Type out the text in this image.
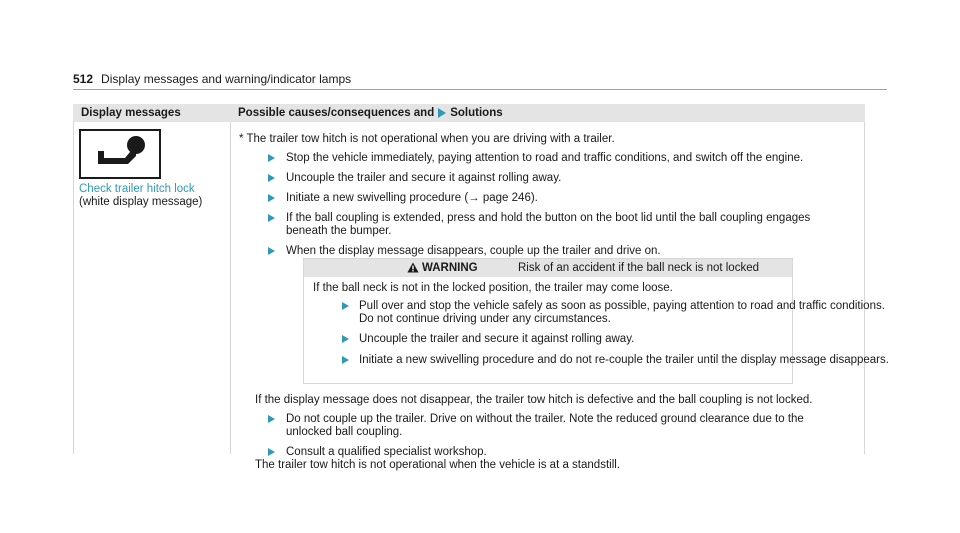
512 Display messages and warning/indicator lamps
Display messages	Possible causes/consequences and Solutions
Check trailer hitch lock
(white display message)
* The trailer tow hitch is not operational when you are driving with a trailer.
Stop the vehicle immediately, paying attention to road and traffic conditions, and switch off the engine.
Uncouple the trailer and secure it against rolling away.
Initiate a new swivelling procedure (→ page 246).
If the ball coupling is extended, press and hold the button on the boot lid until the ball coupling engages
beneath the bumper.
When the display message disappears, couple up the trailer and drive on.
WARNING	Risk of an accident if the ball neck is not locked
If the ball neck is not in the locked position, the trailer may come loose.
Pull over and stop the vehicle safely as soon as possible, paying attention to road and traffic conditions.
Do not continue driving under any circumstances.
Uncouple the trailer and secure it against rolling away.
Initiate a new swivelling procedure and do not re-couple the trailer until the display message disappears.
If the display message does not disappear, the trailer tow hitch is defective and the ball coupling is not locked.
Do not couple up the trailer. Drive on without the trailer. Note the reduced ground clearance due to the
unlocked ball coupling.
Consult a qualified specialist workshop.
The trailer tow hitch is not operational when the vehicle is at a standstill.
